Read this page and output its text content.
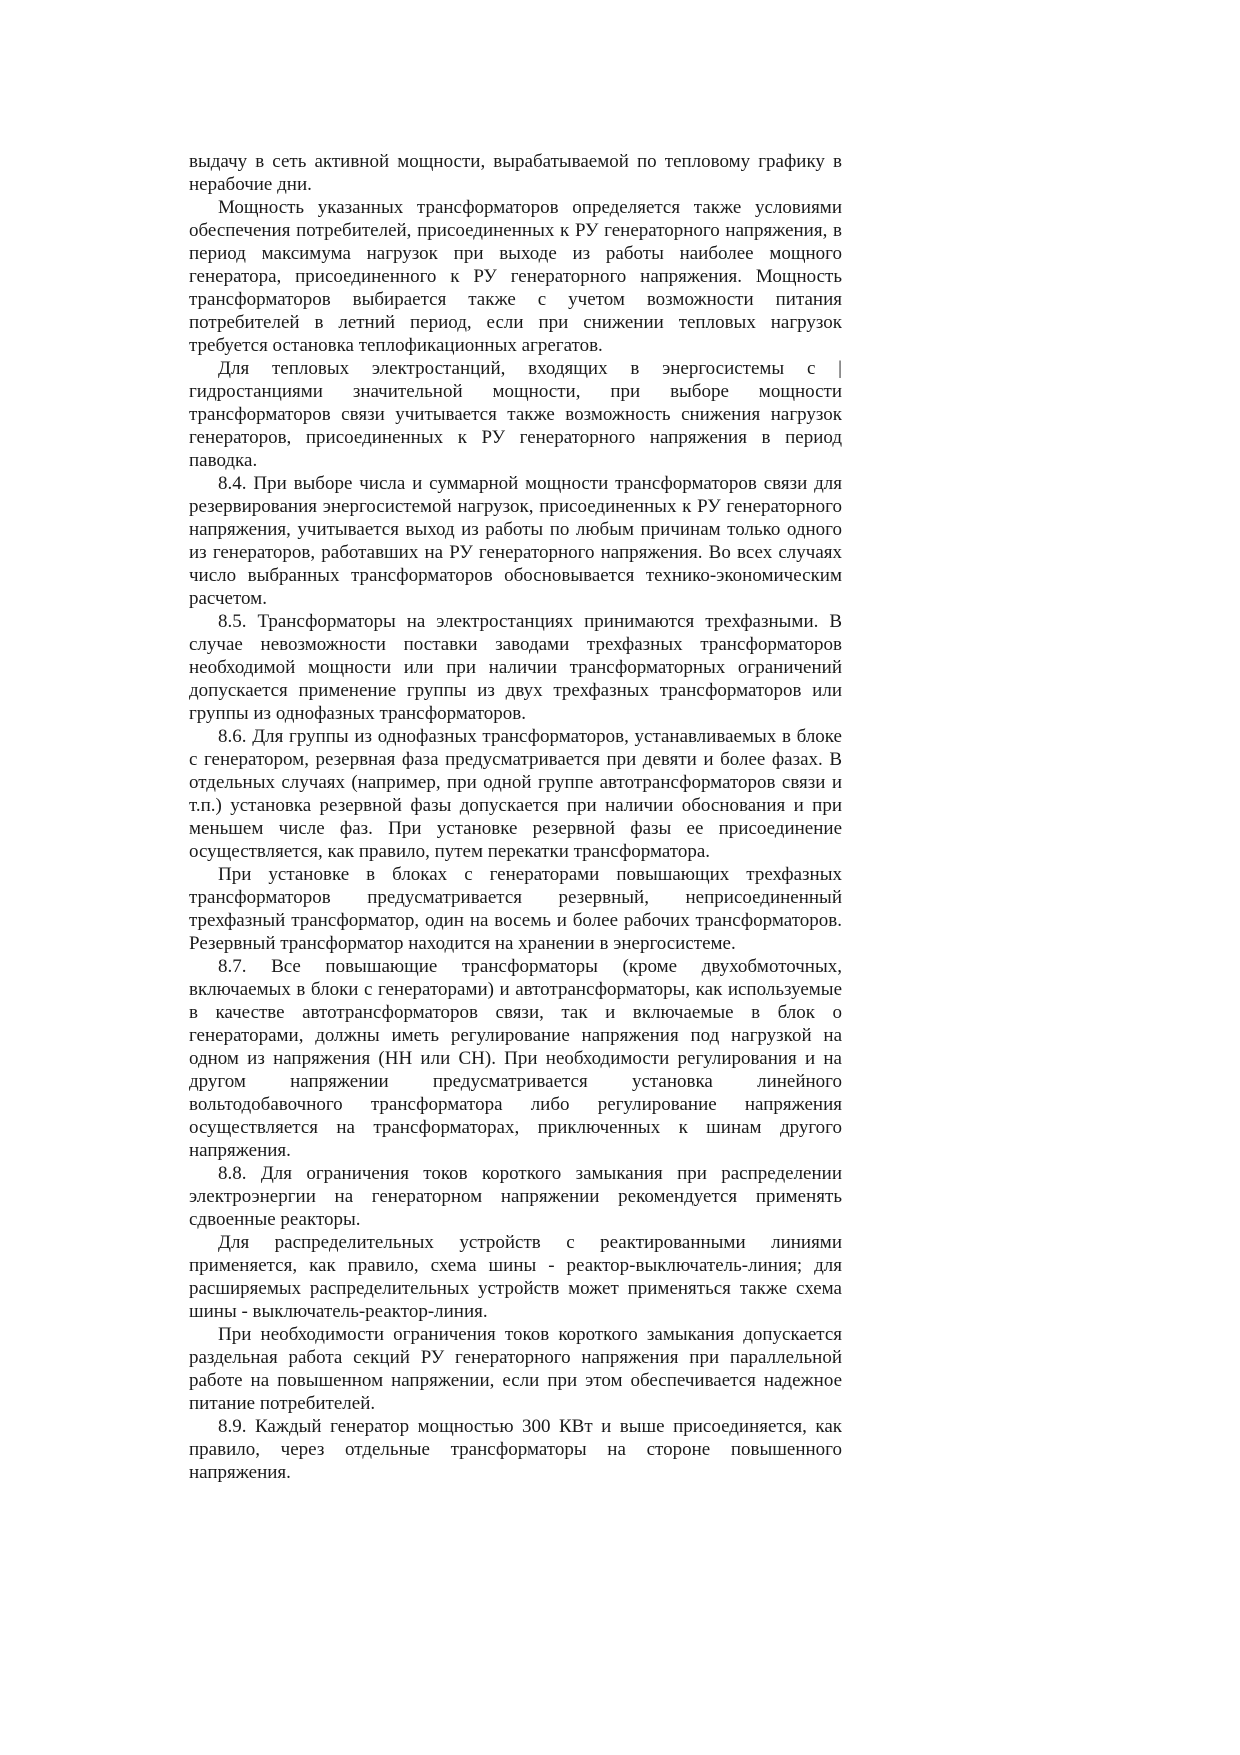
выдачу в сеть активной мощности, вырабатываемой по тепловому графику в нерабочие дни.

Мощность указанных трансформаторов определяется также условиями обеспечения потребителей, присоединенных к РУ генераторного напряжения, в период максимума нагрузок при выходе из работы наиболее мощного генератора, присоединенного к РУ генераторного напряжения. Мощность трансформаторов выбирается также с учетом возможности питания потребителей в летний период, если при снижении тепловых нагрузок требуется остановка теплофикационных агрегатов.

Для тепловых электростанций, входящих в энергосистемы с | гидростанциями значительной мощности, при выборе мощности трансформаторов связи учитывается также возможность снижения нагрузок генераторов, присоединенных к РУ генераторного напряжения в период паводка.

8.4. При выборе числа и суммарной мощности трансформаторов связи для резервирования энергосистемой нагрузок, присоединенных к РУ генераторного напряжения, учитывается выход из работы по любым причинам только одного из генераторов, работавших на РУ генераторного напряжения. Во всех случаях число выбранных трансформаторов обосновывается технико-экономическим расчетом.

8.5. Трансформаторы на электростанциях принимаются трехфазными. В случае невозможности поставки заводами трехфазных трансформаторов необходимой мощности или при наличии трансформаторных ограничений допускается применение группы из двух трехфазных трансформаторов или группы из однофазных трансформаторов.

8.6. Для группы из однофазных трансформаторов, устанавливаемых в блоке с генератором, резервная фаза предусматривается при девяти и более фазах. В отдельных случаях (например, при одной группе автотрансформаторов связи и т.п.) установка резервной фазы допускается при наличии обоснования и при меньшем числе фаз. При установке резервной фазы ее присоединение осуществляется, как правило, путем перекатки трансформатора.

При установке в блоках с генераторами повышающих трехфазных трансформаторов предусматривается резервный, неприсоединенный трехфазный трансформатор, один на восемь и более рабочих трансформаторов. Резервный трансформатор находится на хранении в энергосистеме.

8.7. Все повышающие трансформаторы (кроме двухобмоточных, включаемых в блоки с генераторами) и автотрансформаторы, как используемые в качестве автотрансформаторов связи, так и включаемые в блок о генераторами, должны иметь регулирование напряжения под нагрузкой на одном из напряжения (НН или СН). При необходимости регулирования и на другом напряжении предусматривается установка линейного вольтодобавочного трансформатора либо регулирование напряжения осуществляется на трансформаторах, приключенных к шинам другого напряжения.

8.8. Для ограничения токов короткого замыкания при распределении электроэнергии на генераторном напряжении рекомендуется применять сдвоенные реакторы.

Для распределительных устройств с реактированными линиями применяется, как правило, схема шины - реактор-выключатель-линия; для расширяемых распределительных устройств может применяться также схема шины - выключатель-реактор-линия.

При необходимости ограничения токов короткого замыкания допускается раздельная работа секций РУ генераторного напряжения при параллельной работе на повышенном напряжении, если при этом обеспечивается надежное питание потребителей.

8.9. Каждый генератор мощностью 300 КВт и выше присоединяется, как правило, через отдельные трансформаторы на стороне повышенного напряжения.
